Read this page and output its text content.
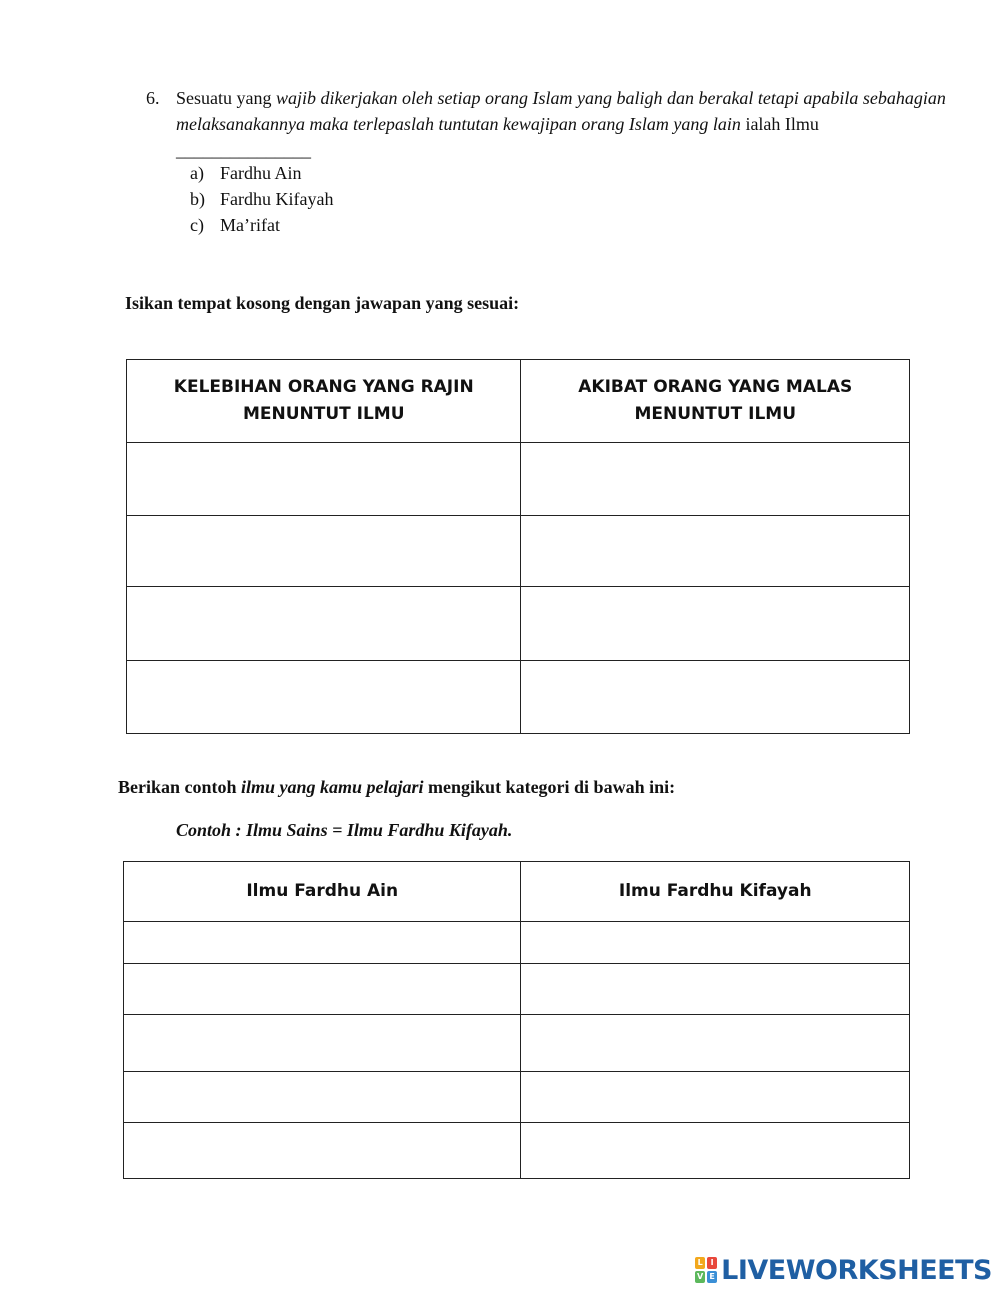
6. Sesuatu yang wajib dikerjakan oleh setiap orang Islam yang baligh dan berakal tetapi apabila sebahagian melaksanakannya maka terlepaslah tuntutan kewajipan orang Islam yang lain ialah Ilmu _______________
a) Fardhu Ain
b) Fardhu Kifayah
c) Ma’rifat
Isikan tempat kosong dengan jawapan yang sesuai:
KELEBIHAN ORANG YANG RAJIN MENUNTUT ILMU	AKIBAT ORANG YANG MALAS MENUNTUT ILMU

Berikan contoh ilmu yang kamu pelajari mengikut kategori di bawah ini:
Contoh : Ilmu Sains = Ilmu Fardhu Kifayah.
Ilmu Fardhu Ain	Ilmu Fardhu Kifayah

L I
V E LIVEWORKSHEETS
